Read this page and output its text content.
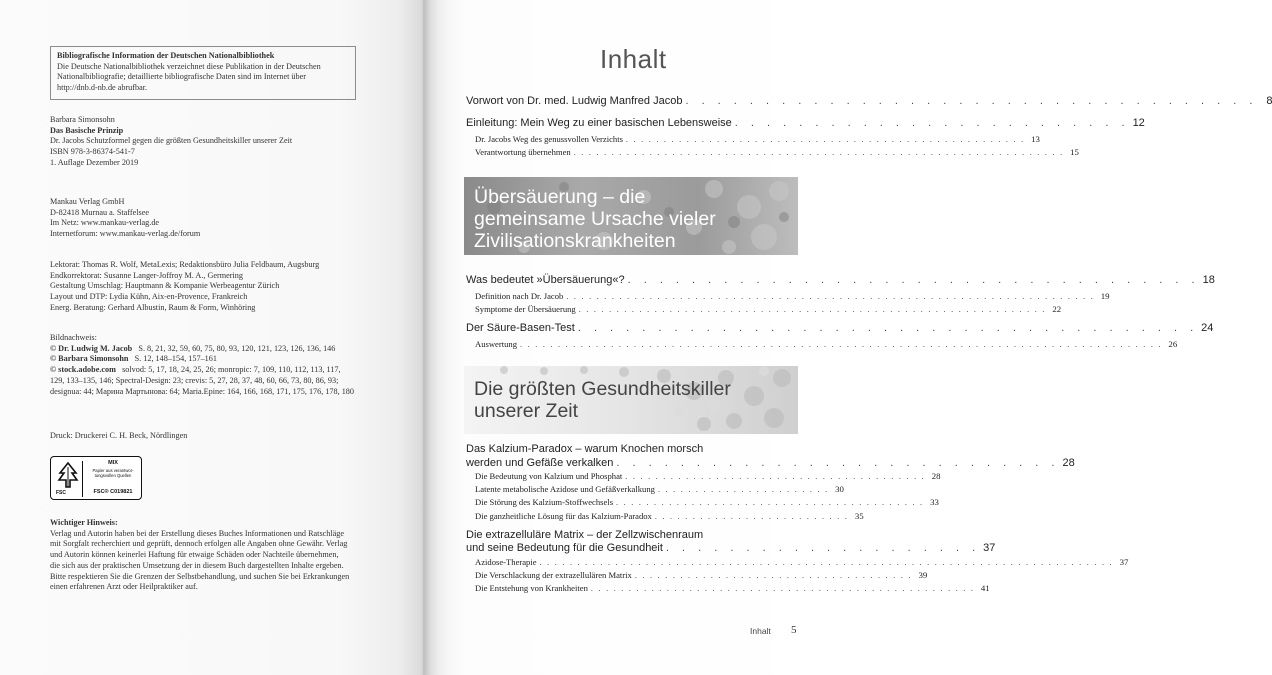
Bibliografische Information der Deutschen Nationalbibliothek
Die Deutsche Nationalbibliothek verzeichnet diese Publikation in der Deutschen
Nationalbibliografie; detaillierte bibliografische Daten sind im Internet über
http://dnb.d-nb.de abrufbar.
Barbara Simonsohn
Das Basische Prinzip
Dr. Jacobs Schutzformel gegen die größten Gesundheitskiller unserer Zeit
ISBN 978-3-86374-541-7
1. Auflage Dezember 2019
Mankau Verlag GmbH
D-82418 Murnau a. Staffelsee
Im Netz: www.mankau-verlag.de
Internetforum: www.mankau-verlag.de/forum
Lektorat: Thomas R. Wolf, MetaLexis; Redaktionsbüro Julia Feldbaum, Augsburg
Endkorrektorat: Susanne Langer-Joffroy M. A., Germering
Gestaltung Umschlag: Hauptmann & Kompanie Werbeagentur Zürich
Layout und DTP: Lydia Kühn, Aix-en-Provence, Frankreich
Energ. Beratung: Gerhard Albustin, Raum & Form, Winhöring
Bildnachweis:
© Dr. Ludwig M. Jacob S. 8, 21, 32, 59, 60, 75, 80, 93, 120, 121, 123, 126, 136, 146
© Barbara Simonsohn S. 12, 148–154, 157–161
© stock.adobe.com solvod: 5, 17, 18, 24, 25, 26; monropic: 7, 109, 110, 112, 113, 117,
129, 133–135, 146; Spectral-Design: 23; crevis: 5, 27, 28, 37, 48, 60, 66, 73, 80, 86, 93;
designua: 44; Марина Мартынова: 64; Maria.Epine: 164, 166, 168, 171, 175, 176, 178, 180
Druck: Druckerei C. H. Beck, Nördlingen
FSC
MIX
Papier aus verantwor-
tungsvollen Quellen
FSC® C019821
Wichtiger Hinweis:
Verlag und Autorin haben bei der Erstellung dieses Buches Informationen und Ratschläge
mit Sorgfalt recherchiert und geprüft, dennoch erfolgen alle Angaben ohne Gewähr. Verlag
und Autorin können keinerlei Haftung für etwaige Schäden oder Nachteile übernehmen,
die sich aus der praktischen Umsetzung der in diesem Buch dargestellten Inhalte ergeben.
Bitte respektieren Sie die Grenzen der Selbstbehandlung, und suchen Sie bei Erkrankungen
einen erfahrenen Arzt oder Heilpraktiker auf.
Inhalt
Vorwort von Dr. med. Ludwig Manfred Jacob . . . . . . . . . . . . . . . . . . . . . . . . . . . . . . . . . . . . 8
Einleitung: Mein Weg zu einer basischen Lebensweise . . . . . . . . . . . . . . . . . . . . . . . . . 12
Dr. Jacobs Weg des genussvollen Verzichts . . . . . . . . . . . . . . . . . . . . . . . . . . . . . . . . . . . . . . . . . . . . . . . . . . . . . 13
Verantwortung übernehmen . . . . . . . . . . . . . . . . . . . . . . . . . . . . . . . . . . . . . . . . . . . . . . . . . . . . . . . . . . . . . . . . . 15
Übersäuerung – die
gemeinsame Ursache vieler
Zivilisationskrankheiten
Was bedeutet »Übersäuerung«? . . . . . . . . . . . . . . . . . . . . . . . . . . . . . . . . . . . . 18
Definition nach Dr. Jacob . . . . . . . . . . . . . . . . . . . . . . . . . . . . . . . . . . . . . . . . . . . . . . . . . . . . . . . . . . . . . . . . . . . . . . 19
Symptome der Übersäuerung . . . . . . . . . . . . . . . . . . . . . . . . . . . . . . . . . . . . . . . . . . . . . . . . . . . . . . . . . . . . . . 22
Der Säure-Basen-Test . . . . . . . . . . . . . . . . . . . . . . . . . . . . . . . . . . . . . . . 24
Auswertung . . . . . . . . . . . . . . . . . . . . . . . . . . . . . . . . . . . . . . . . . . . . . . . . . . . . . . . . . . . . . . . . . . . . . . . . . . . . . . . . . . . . . 26
Die größten Gesundheitskiller
unserer Zeit
Das Kalzium-Paradox – warum Knochen morsch
werden und Gefäße verkalken . . . . . . . . . . . . . . . . . . . . . . . . . . . . 28
Die Bedeutung von Kalzium und Phosphat . . . . . . . . . . . . . . . . . . . . . . . . . . . . . . . . . . . . . . . . 28
Latente metabolische Azidose und Gefäßverkalkung . . . . . . . . . . . . . . . . . . . . . . . 30
Die Störung des Kalzium-Stoffwechsels . . . . . . . . . . . . . . . . . . . . . . . . . . . . . . . . . . . . . . . . . 33
Die ganzheitliche Lösung für das Kalzium-Paradox . . . . . . . . . . . . . . . . . . . . . . . . . . 35
Die extrazelluläre Matrix – der Zellzwischenraum
und seine Bedeutung für die Gesundheit . . . . . . . . . . . . . . . . . . . . 37
Azidose-Therapie . . . . . . . . . . . . . . . . . . . . . . . . . . . . . . . . . . . . . . . . . . . . . . . . . . . . . . . . . . . . . . . . . . . . . . . . . . . . 37
Die Verschlackung der extrazellulären Matrix . . . . . . . . . . . . . . . . . . . . . . . . . . . . . . . . . . . . . 39
Die Entstehung von Krankheiten . . . . . . . . . . . . . . . . . . . . . . . . . . . . . . . . . . . . . . . . . . . . . . . . . . . 41
Inhalt 5
